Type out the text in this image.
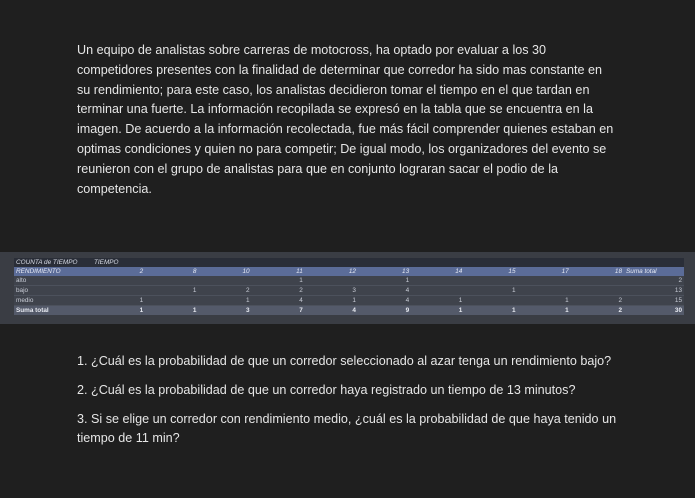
Un equipo de analistas sobre carreras de motocross, ha optado por evaluar a los 30 competidores presentes con la finalidad de determinar que corredor ha sido mas constante en su rendimiento; para este caso, los analistas decidieron tomar el tiempo en el que tardan en terminar una fuerte. La información recopilada se expresó en la tabla que se encuentra en la imagen. De acuerdo a la información recolectada, fue más fácil comprender quienes estaban en optimas condiciones y quien no para competir; De igual modo, los organizadores del evento se reunieron con el grupo de analistas para que en conjunto lograran sacar el podio de la competencia.

COUNTA de TIEMPO	TIEMPO										
RENDIMIENTO	2	8	10	11	12	13	14	15	17	18	Suma total
alto				1		1					2
bajo		1	2	2	3	4		1			13
medio	1		1	4	1	4	1		1	2	15
Suma total	1	1	3	7	4	9	1	1	1	2	30

1. ¿Cuál es la probabilidad de que un corredor seleccionado al azar tenga un rendimiento bajo?

2. ¿Cuál es la probabilidad de que un corredor haya registrado un tiempo de 13 minutos?

3. Si se elige un corredor con rendimiento medio, ¿cuál es la probabilidad de que haya tenido un tiempo de 11 min?
